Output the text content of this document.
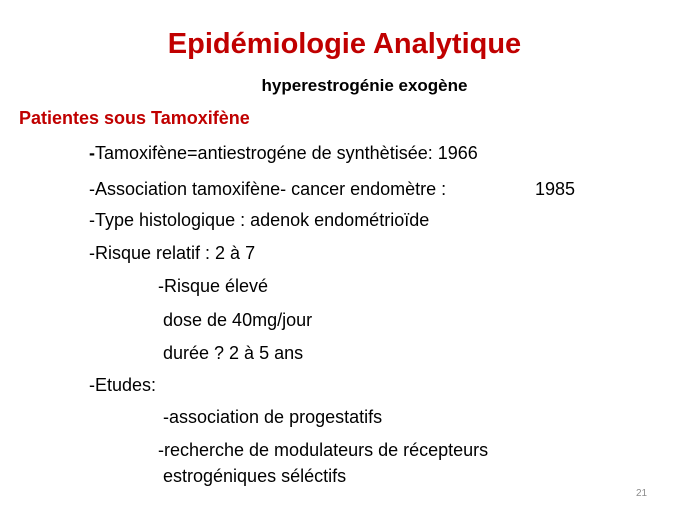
Epidémiologie Analytique
hyperestrogénie exogène
Patientes sous Tamoxifène
-Tamoxifène=antiestrogéne de synthètisée: 1966
-Association tamoxifène- cancer endomètre :	1985
-Type histologique : adenok endométrioïde
-Risque relatif : 2 à 7
-Risque élevé
dose de 40mg/jour
durée ? 2 à 5 ans
-Etudes:
-association de progestatifs
-recherche de modulateurs de récepteurs
estrogéniques séléctifs
21
